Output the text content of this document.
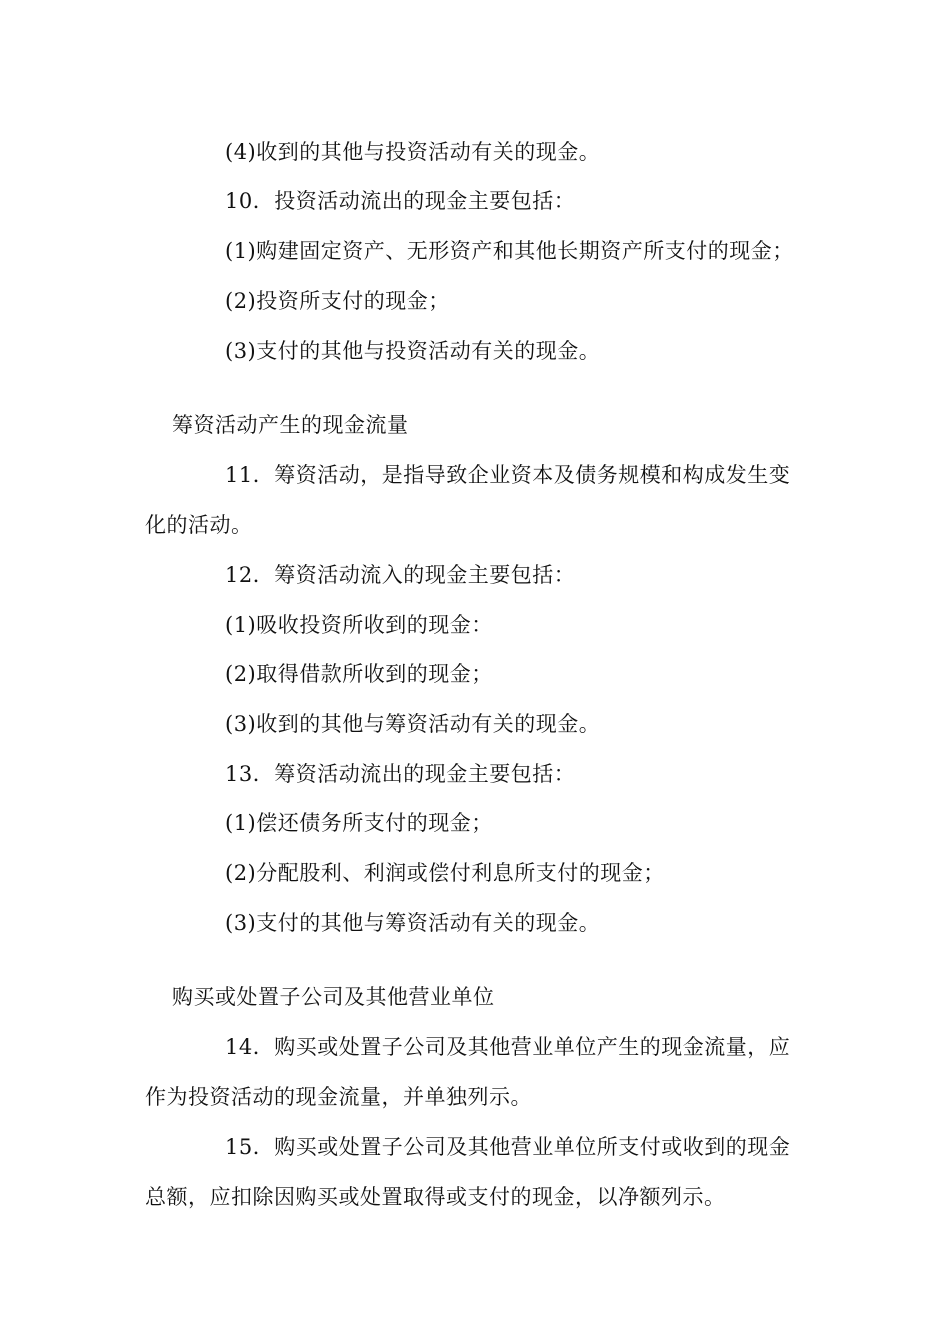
(4)收到的其他与投资活动有关的现金。
10．投资活动流出的现金主要包括：
(1)购建固定资产、无形资产和其他长期资产所支付的现金；
(2)投资所支付的现金；
(3)支付的其他与投资活动有关的现金。
筹资活动产生的现金流量
11．筹资活动，是指导致企业资本及债务规模和构成发生变
化的活动。
12．筹资活动流入的现金主要包括：
(1)吸收投资所收到的现金：
(2)取得借款所收到的现金；
(3)收到的其他与筹资活动有关的现金。
13．筹资活动流出的现金主要包括：
(1)偿还债务所支付的现金；
(2)分配股利、利润或偿付利息所支付的现金；
(3)支付的其他与筹资活动有关的现金。
购买或处置子公司及其他营业单位
14．购买或处置子公司及其他营业单位产生的现金流量，应
作为投资活动的现金流量，并单独列示。
15．购买或处置子公司及其他营业单位所支付或收到的现金
总额，应扣除因购买或处置取得或支付的现金，以净额列示。
